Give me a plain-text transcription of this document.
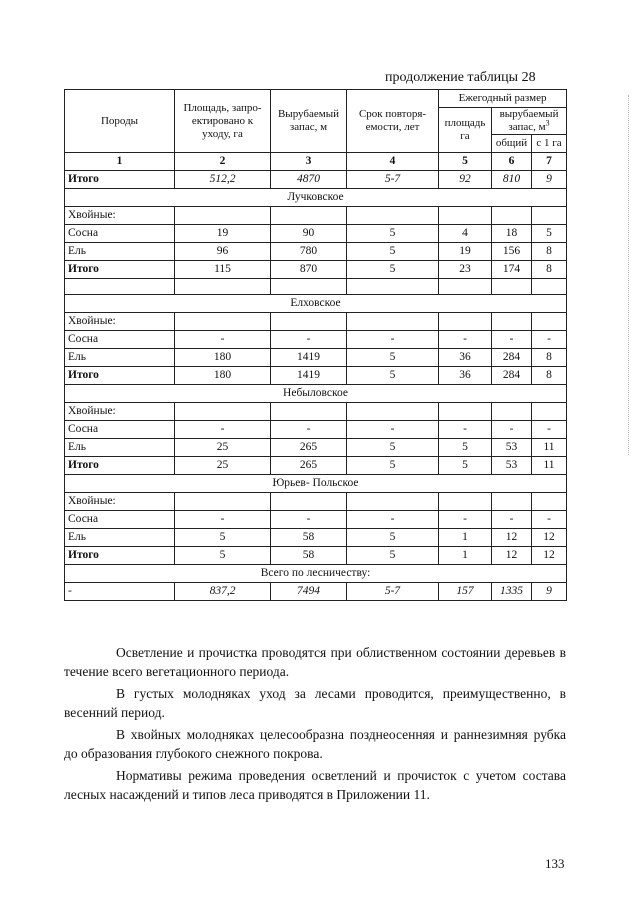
продолжение таблицы 28
Породы	Площадь, запро-ектировано к уходу, га	Вырубаемый запас, м	Срок повторя-емости, лет	Ежегодный размер		
				площадь га	вырубаемый запас, $м^3$
					общий	с 1 га
1	2	3	4	5	6	7
Итого	512,2	4870	5-7	92	810	9
Лучковское						
Хвойные:						
Сосна	19	90	5	4	18	5
Ель	96	780	5	19	156	8
Итого	115	870	5	23	174	8

Елховское						
Хвойные:						
Сосна	-	-	-	-	-	-
Ель	180	1419	5	36	284	8
Итого	180	1419	5	36	284	8
Небыловское						
Хвойные:						
Сосна	-	-	-	-	-	-
Ель	25	265	5	5	53	11
Итого	25	265	5	5	53	11
Юрьев- Польское						
Хвойные:						
Сосна	-	-	-	-	-	-
Ель	5	58	5	1	12	12
Итого	5	58	5	1	12	12
Всего по лесничеству:						
-	837,2	7494	5-7	157	1335	9

Осветление и прочистка проводятся при облиственном состоянии деревьев в течение всего вегетационного периода.

В густых молодняках уход за лесами проводится, преимущественно, в весенний период.

В хвойных молодняках целесообразна позднеосенняя и раннезимняя рубка до образования глубокого снежного покрова.

Нормативы режима проведения осветлений и прочисток с учетом состава лесных насаждений и типов леса приводятся в Приложении 11.

133
